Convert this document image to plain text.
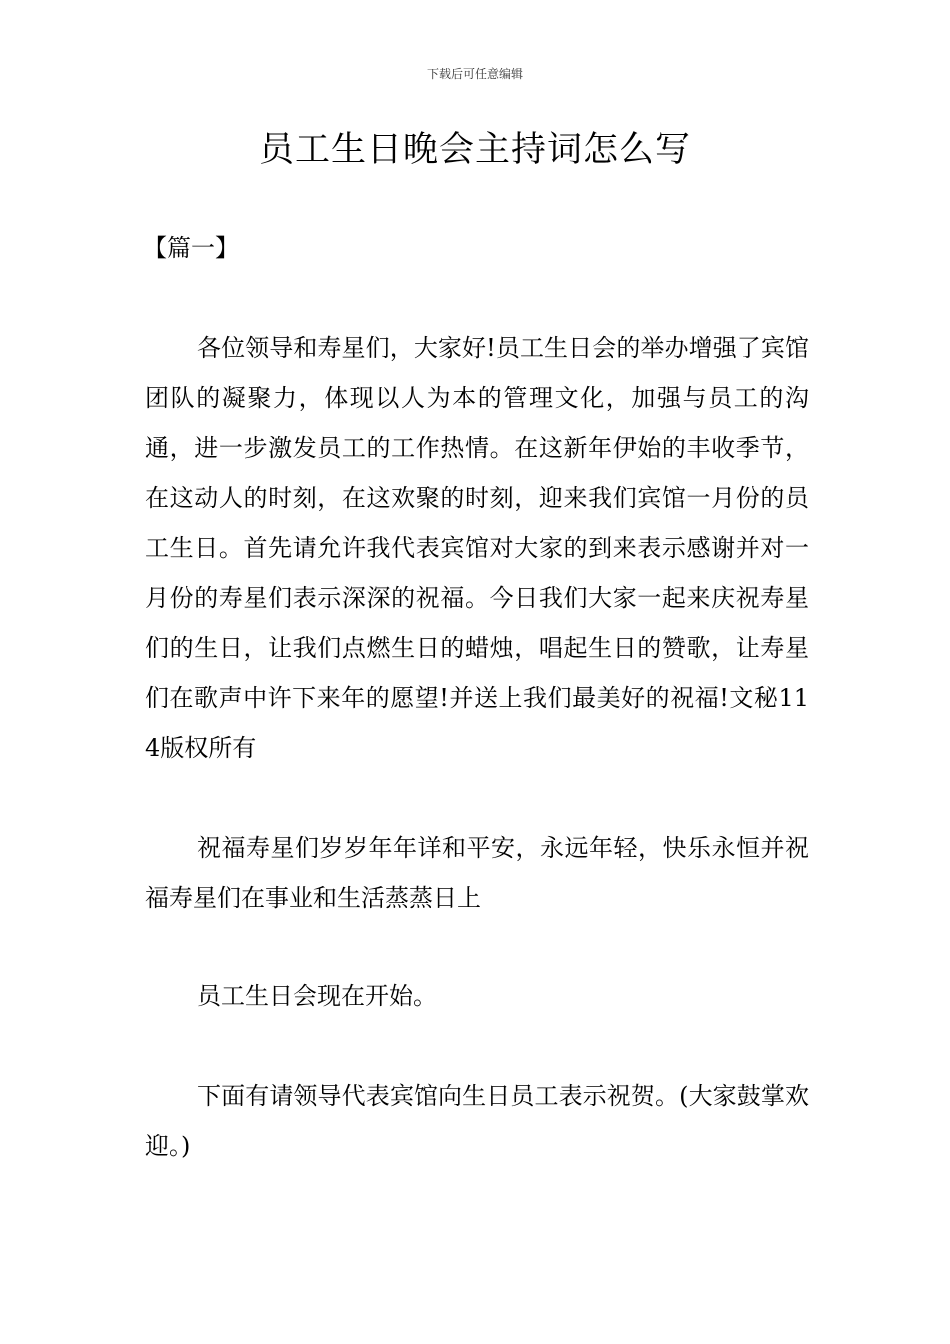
下载后可任意编辑
员工生日晚会主持词怎么写
【篇一】

各位领导和寿星们，大家好!员工生日会的举办增强了宾馆团队的凝聚力，体现以人为本的管理文化，加强与员工的沟通，进一步激发员工的工作热情。在这新年伊始的丰收季节，在这动人的时刻，在这欢聚的时刻，迎来我们宾馆一月份的员工生日。首先请允许我代表宾馆对大家的到来表示感谢并对一月份的寿星们表示深深的祝福。今日我们大家一起来庆祝寿星们的生日，让我们点燃生日的蜡烛，唱起生日的赞歌，让寿星们在歌声中许下来年的愿望!并送上我们最美好的祝福!文秘114版权所有

祝福寿星们岁岁年年详和平安，永远年轻，快乐永恒并祝福寿星们在事业和生活蒸蒸日上

员工生日会现在开始。

下面有请领导代表宾馆向生日员工表示祝贺。(大家鼓掌欢迎。)
